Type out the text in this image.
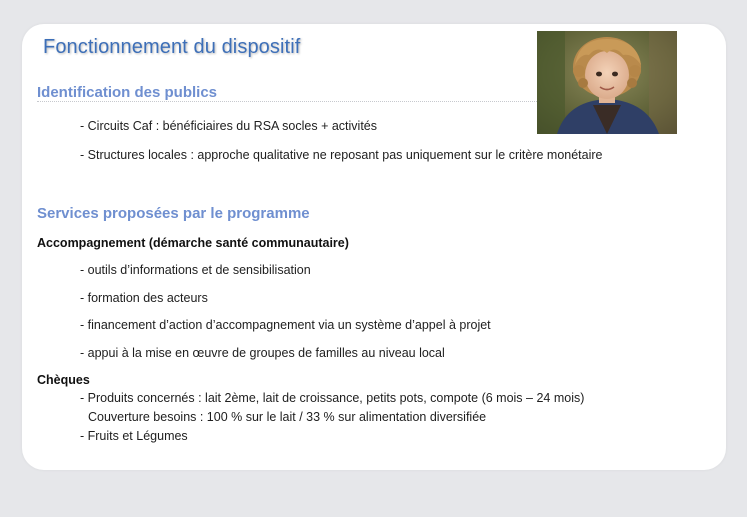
Fonctionnement du dispositif
Identification des publics
- Circuits Caf : bénéficiaires du RSA socles + activités
- Structures locales : approche qualitative ne reposant pas uniquement sur le critère monétaire
Services proposées par le programme
Accompagnement (démarche santé communautaire)
- outils d’informations et de sensibilisation
- formation des acteurs
- financement d’action d’accompagnement via un système d’appel à projet
- appui à la mise en œuvre de groupes de familles au niveau local
Chèques
- Produits concernés : lait 2ème, lait de croissance, petits pots, compote (6 mois – 24 mois)
Couverture besoins : 100 % sur le lait / 33 % sur alimentation diversifiée
- Fruits et Légumes
